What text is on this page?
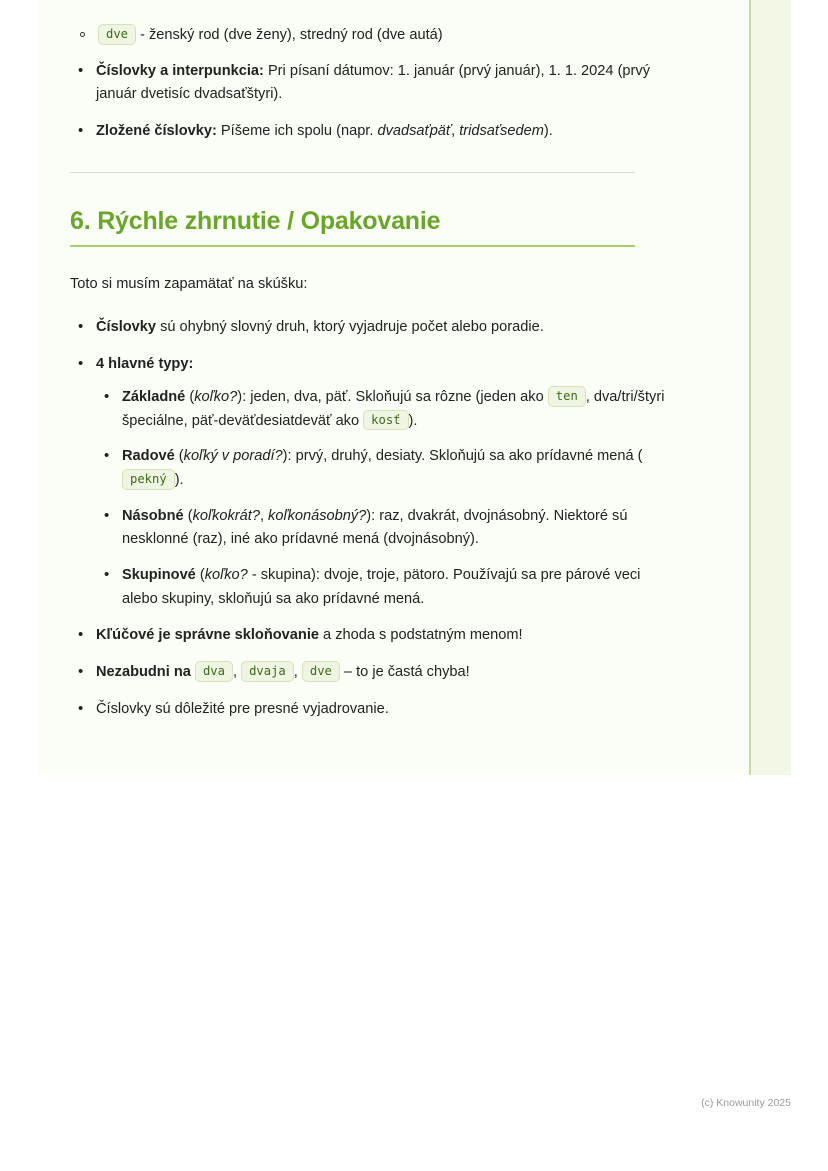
dve - ženský rod (dve ženy), stredný rod (dve autá)
• Číslovky a interpunkcia: Pri písaní dátumov: 1. január (prvý január), 1. 1. 2024 (prvý január dvetisíc dvadsaťštyri).
• Zložené číslovky: Píšeme ich spolu (napr. dvadsaťpäť, tridsaťsedem).
6. Rýchle zhrnutie / Opakovanie

Toto si musím zapamätať na skúšku:

• Číslovky sú ohybný slovný druh, ktorý vyjadruje počet alebo poradie.
• 4 hlavné typy:
• Základné (koľko?): jeden, dva, päť. Skloňujú sa rôzne (jeden ako ten , dva/tri/štyri špeciálne, päť-deväťdesiatdeväť ako kosť ).
• Radové (koľký v poradí?): prvý, druhý, desiaty. Skloňujú sa ako prídavné mená (pekný ).
• Násobné (koľkokrát?, koľkonásobný?): raz, dvakrát, dvojnásobný. Niektoré sú nesklonné (raz), iné ako prídavné mená (dvojnásobný).
• Skupinové (koľko? - skupina): dvoje, troje, pätoro. Používajú sa pre párové veci alebo skupiny, skloňujú sa ako prídavné mená.
• Kľúčové je správne skloňovanie a zhoda s podstatným menom!
• Nezabudni na dva , dvaja , dve – to je častá chyba!
• Číslovky sú dôležité pre presné vyjadrovanie.
(c) Knowunity 2025
